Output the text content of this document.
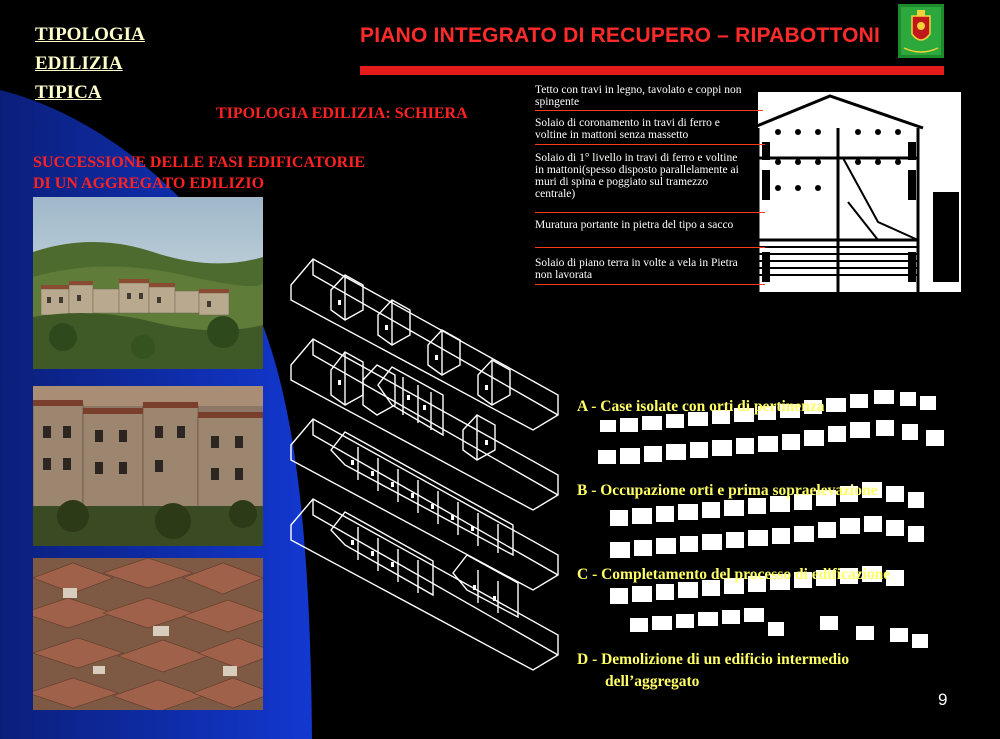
TIPOLOGIA
EDILIZIA
TIPICA
PIANO INTEGRATO DI RECUPERO – RIPABOTTONI
TIPOLOGIA EDILIZIA: SCHIERA
SUCCESSIONE DELLE FASI EDIFICATORIE
DI UN AGGREGATO EDILIZIO
Tetto con travi in legno, tavolato e coppi non spingente
Solaio di coronamento in travi di ferro e voltine in mattoni senza massetto
Solaio di 1° livello in travi di ferro e voltine in mattoni(spesso disposto parallelamente ai muri di spina e poggiato sul tramezzo centrale)
Muratura portante in pietra del tipo a sacco
Solaio di piano terra in volte a vela in Pietra non lavorata
A - Case isolate con orti di pertinenza
B - Occupazione orti e prima sopraelevazione
C - Completamento del processo di edificazione
D - Demolizione di un edificio intermedio
dell’aggregato
9
